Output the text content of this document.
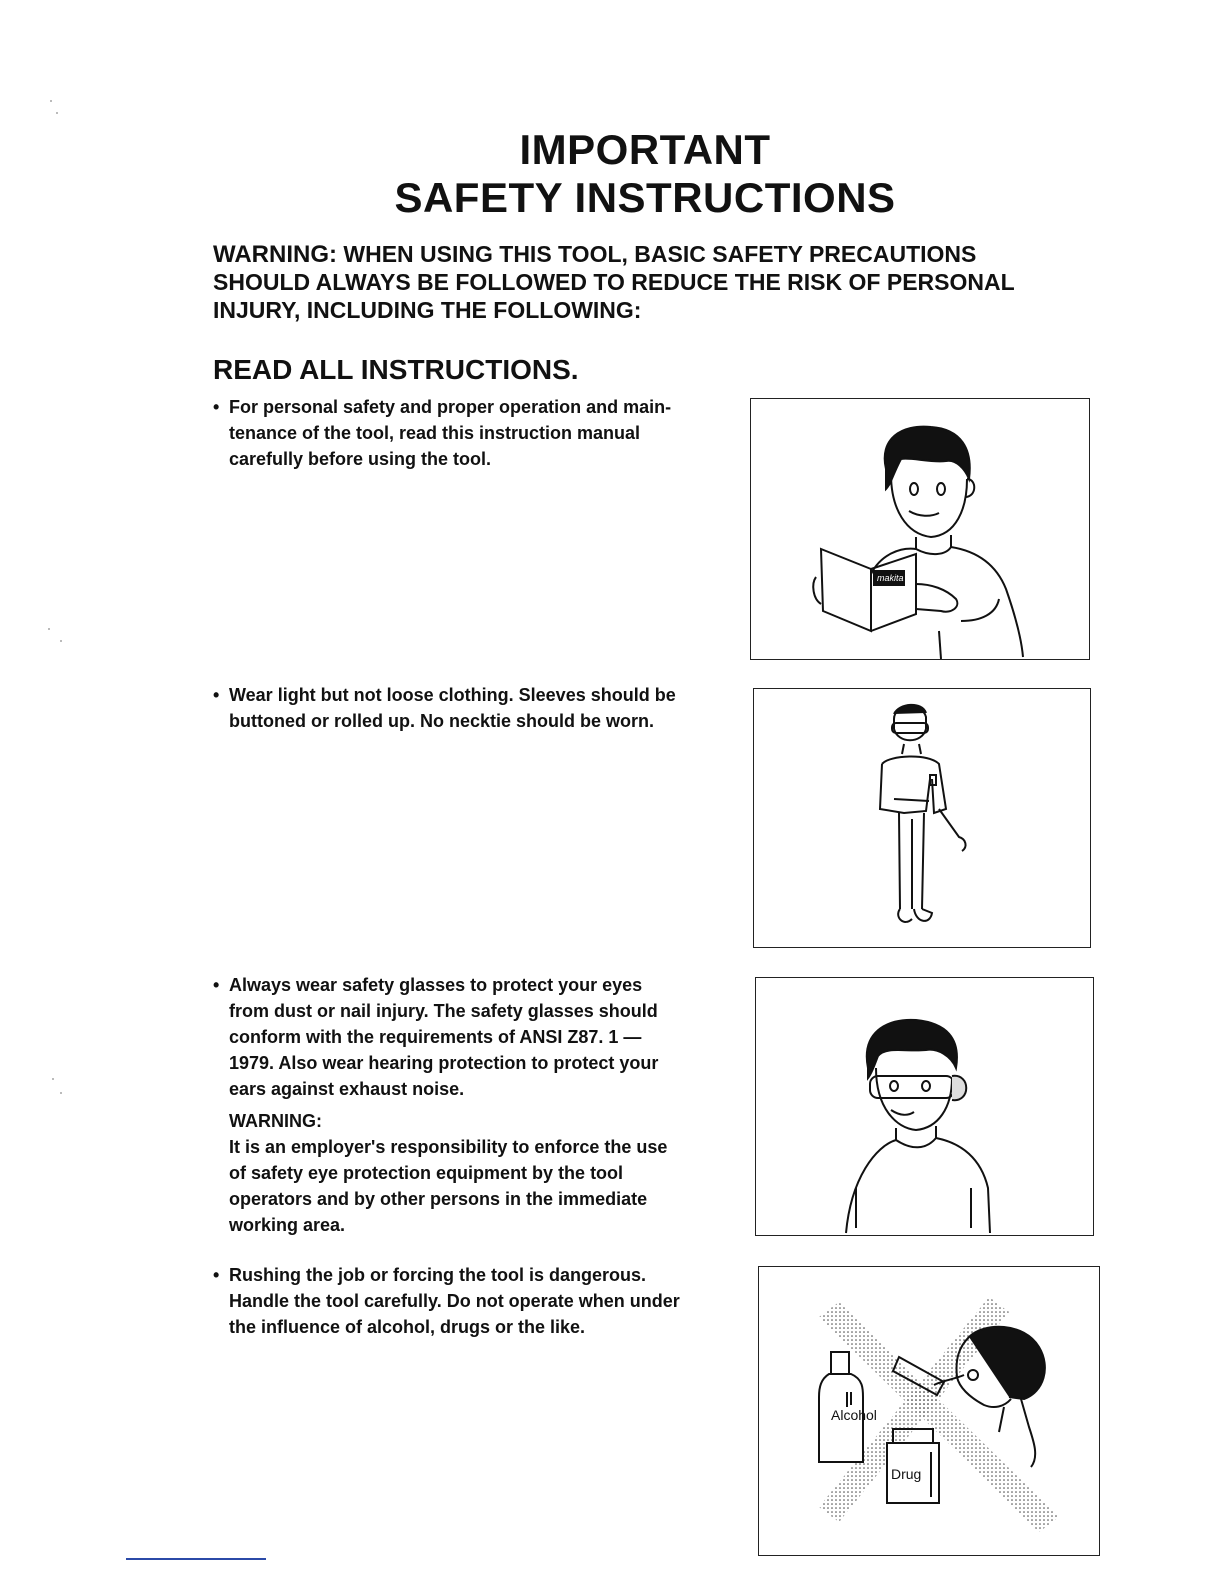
IMPORTANT
SAFETY INSTRUCTIONS
WARNING: WHEN USING THIS TOOL, BASIC SAFETY PRECAUTIONS
SHOULD ALWAYS BE FOLLOWED TO REDUCE THE RISK OF PERSONAL
INJURY, INCLUDING THE FOLLOWING:
READ ALL INSTRUCTIONS.
• For personal safety and proper operation and main-
tenance of the tool, read this instruction manual
carefully before using the tool.
• Wear light but not loose clothing. Sleeves should be
buttoned or rolled up. No necktie should be worn.
• Always wear safety glasses to protect your eyes
from dust or nail injury. The safety glasses should
conform with the requirements of ANSI Z87. 1 —
1979. Also wear hearing protection to protect your
ears against exhaust noise.
WARNING:
It is an employer's responsibility to enforce the use
of safety eye protection equipment by the tool
operators and by other persons in the immediate
working area.
• Rushing the job or forcing the tool is dangerous.
Handle the tool carefully. Do not operate when under
the influence of alcohol, drugs or the like.
makita
Alcohol
Drug
